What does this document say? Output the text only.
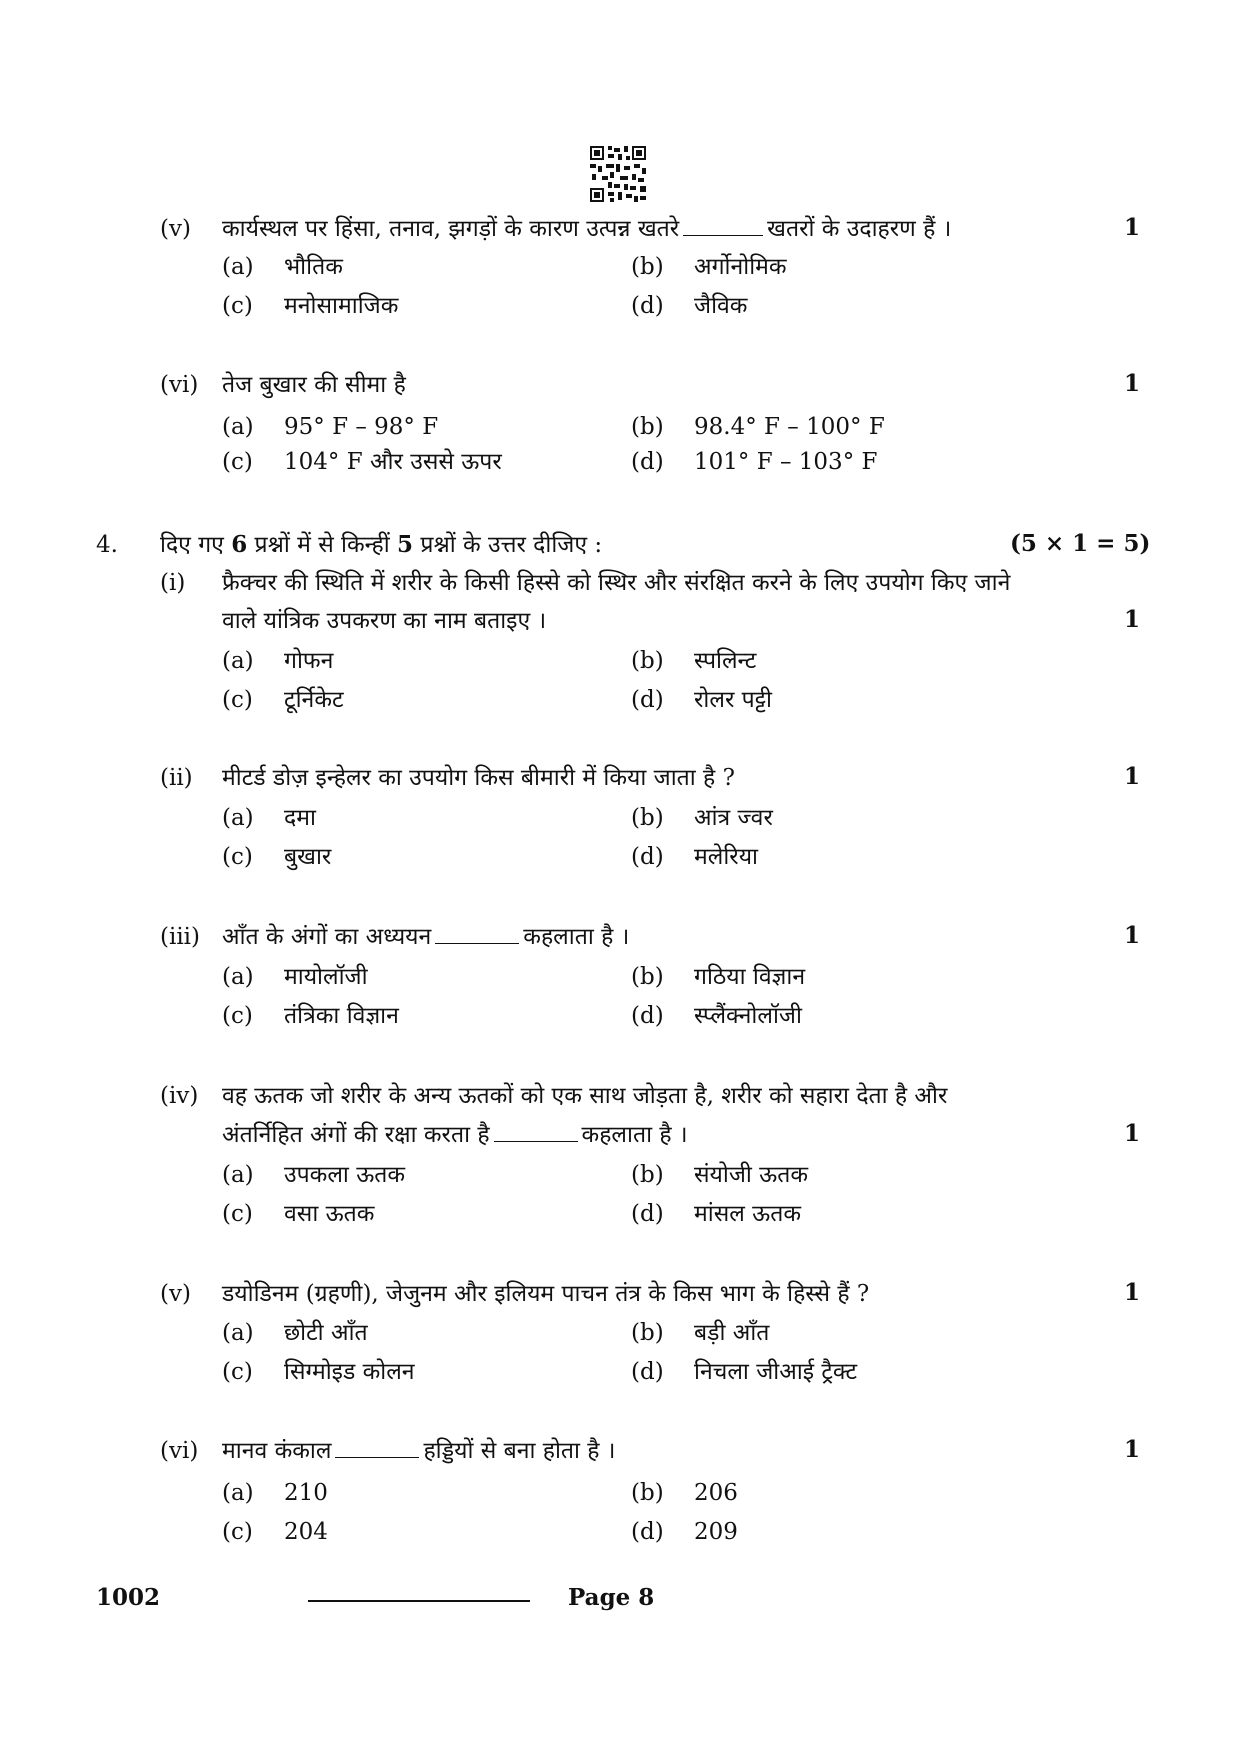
(v) कार्यस्थल पर हिंसा, तनाव, झगड़ों के कारण उत्पन्न खतरे	खतरों के उदाहरण हैं ।	1
(a) भौतिक	(b) अर्गोनोमिक
(c) मनोसामाजिक	(d) जैविक
(vi) तेज बुखार की सीमा है	1
(a) 95° F – 98° F	(b) 98.4° F – 100° F
(c) 104° F और उससे ऊपर	(d) 101° F – 103° F
4. दिए गए 6 प्रश्नों में से किन्हीं 5 प्रश्नों के उत्तर दीजिए :	(5 × 1 = 5)
(i) फ्रैक्चर की स्थिति में शरीर के किसी हिस्से को स्थिर और संरक्षित करने के लिए उपयोग किए जाने
वाले यांत्रिक उपकरण का नाम बताइए ।	1
(a) गोफन	(b) स्पलिन्ट
(c) टूर्निकेट	(d) रोलर पट्टी
(ii) मीटर्ड डोज़ इन्हेलर का उपयोग किस बीमारी में किया जाता है ?	1
(a) दमा	(b) आंत्र ज्वर
(c) बुखार	(d) मलेरिया
(iii) आँत के अंगों का अध्ययन	कहलाता है ।	1
(a) मायोलॉजी	(b) गठिया विज्ञान
(c) तंत्रिका विज्ञान	(d) स्प्लैंक्नोलॉजी
(iv) वह ऊतक जो शरीर के अन्य ऊतकों को एक साथ जोड़ता है, शरीर को सहारा देता है और
अंतर्निहित अंगों की रक्षा करता है	कहलाता है ।	1
(a) उपकला ऊतक	(b) संयोजी ऊतक
(c) वसा ऊतक	(d) मांसल ऊतक
(v) डयोडिनम (ग्रहणी), जेजुनम और इलियम पाचन तंत्र के किस भाग के हिस्से हैं ?	1
(a) छोटी आँत	(b) बड़ी आँत
(c) सिग्मोइड कोलन	(d) निचला जीआई ट्रैक्ट
(vi) मानव कंकाल	हड्डियों से बना होता है ।	1
(a) 210	(b) 206
(c) 204	(d) 209
1002	Page 8
